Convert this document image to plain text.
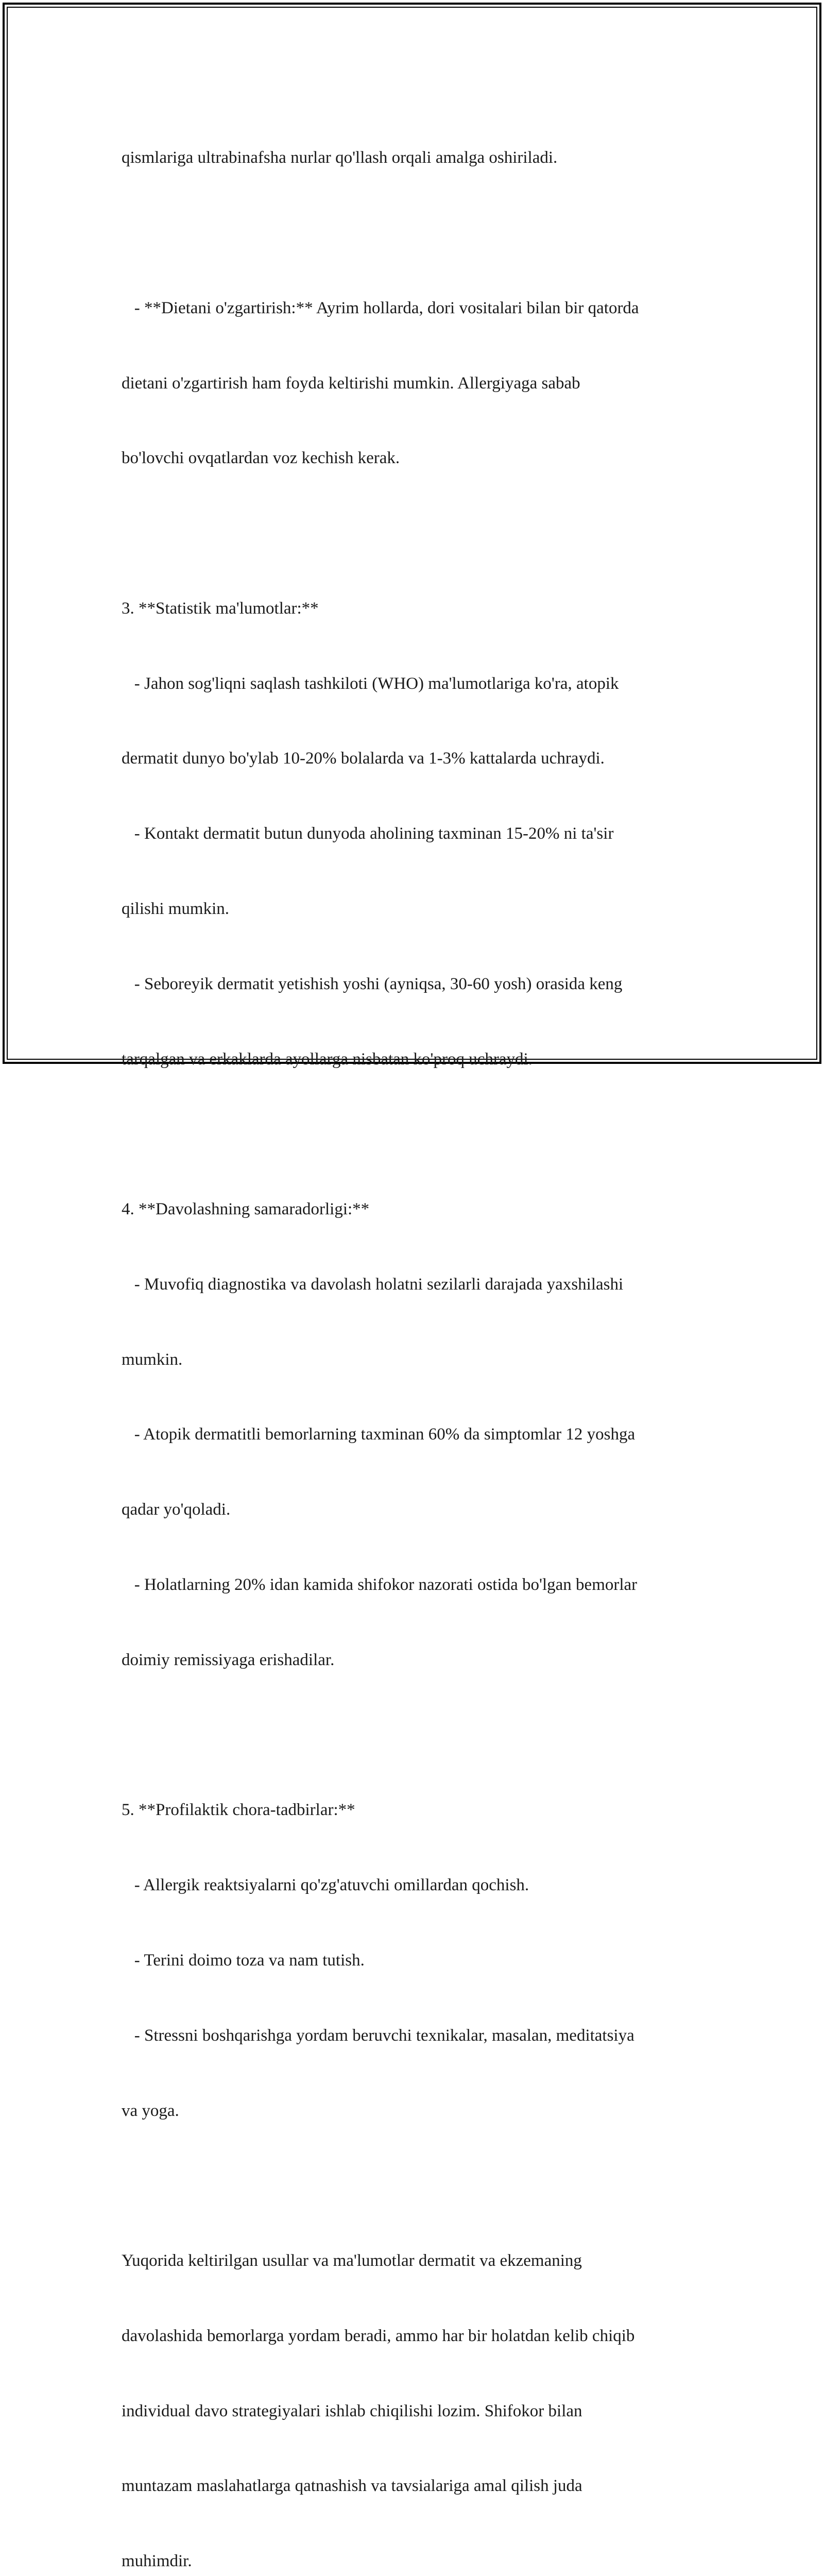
qismlariga ultrabinafsha nurlar qo'llash orqali amalga oshiriladi.

- **Dietani o'zgartirish:** Ayrim hollarda, dori vositalari bilan bir qatorda

dietani o'zgartirish ham foyda keltirishi mumkin. Allergiyaga sabab

bo'lovchi ovqatlardan voz kechish kerak.

3. **Statistik ma'lumotlar:**

- Jahon sog'liqni saqlash tashkiloti (WHO) ma'lumotlariga ko'ra, atopik

dermatit dunyo bo'ylab 10-20% bolalarda va 1-3% kattalarda uchraydi.

- Kontakt dermatit butun dunyoda aholining taxminan 15-20% ni ta'sir

qilishi mumkin.

- Seboreyik dermatit yetishish yoshi (ayniqsa, 30-60 yosh) orasida keng

tarqalgan va erkaklarda ayollarga nisbatan ko'proq uchraydi.

4. **Davolashning samaradorligi:**

- Muvofiq diagnostika va davolash holatni sezilarli darajada yaxshilashi

mumkin.

- Atopik dermatitli bemorlarning taxminan 60% da simptomlar 12 yoshga

qadar yo'qoladi.

- Holatlarning 20% idan kamida shifokor nazorati ostida bo'lgan bemorlar

doimiy remissiyaga erishadilar.

5. **Profilaktik chora-tadbirlar:**

- Allergik reaktsiyalarni qo'zg'atuvchi omillardan qochish.

- Terini doimo toza va nam tutish.

- Stressni boshqarishga yordam beruvchi texnikalar, masalan, meditatsiya

va yoga.

Yuqorida keltirilgan usullar va ma'lumotlar dermatit va ekzemaning

davolashida bemorlarga yordam beradi, ammo har bir holatdan kelib chiqib

individual davo strategiyalari ishlab chiqilishi lozim. Shifokor bilan

muntazam maslahatlarga qatnashish va tavsialariga amal qilish juda

muhimdir.
